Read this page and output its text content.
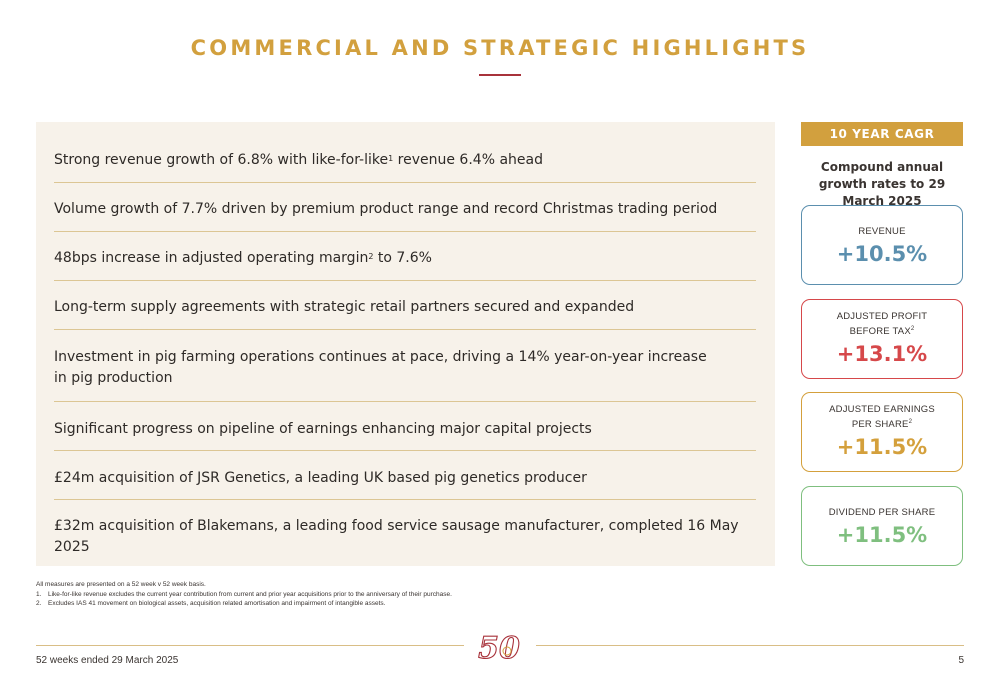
COMMERCIAL AND STRATEGIC HIGHLIGHTS
Strong revenue growth of 6.8% with like-for-like$^1$ revenue 6.4% ahead
Volume growth of 7.7% driven by premium product range and record Christmas trading period
48bps increase in adjusted operating margin$^2$ to 7.6%
Long-term supply agreements with strategic retail partners secured and expanded
Investment in pig farming operations continues at pace, driving a 14% year-on-year increase
in pig production
Significant progress on pipeline of earnings enhancing major capital projects
£24m acquisition of JSR Genetics, a leading UK based pig genetics producer
£32m acquisition of Blakemans, a leading food service sausage manufacturer, completed 16 May 2025
10 YEAR CAGR
Compound annual growth rates to 29 March 2025
REVENUE
+10.5%
ADJUSTED PROFIT
BEFORE $TAX^2$
+13.1%
ADJUSTED EARNINGS
PER $SHARE^2$
+11.5%
DIVIDEND PER SHARE
+11.5%
All measures are presented on a 52 week v 52 week basis.
1.	Like-for-like revenue excludes the current year contribution from current and prior year acquisitions prior to the anniversary of their purchase.
2.	Excludes IAS 41 movement on biological assets, acquisition related amortisation and impairment of intangible assets.
50
52 weeks ended 29 March 2025	5
